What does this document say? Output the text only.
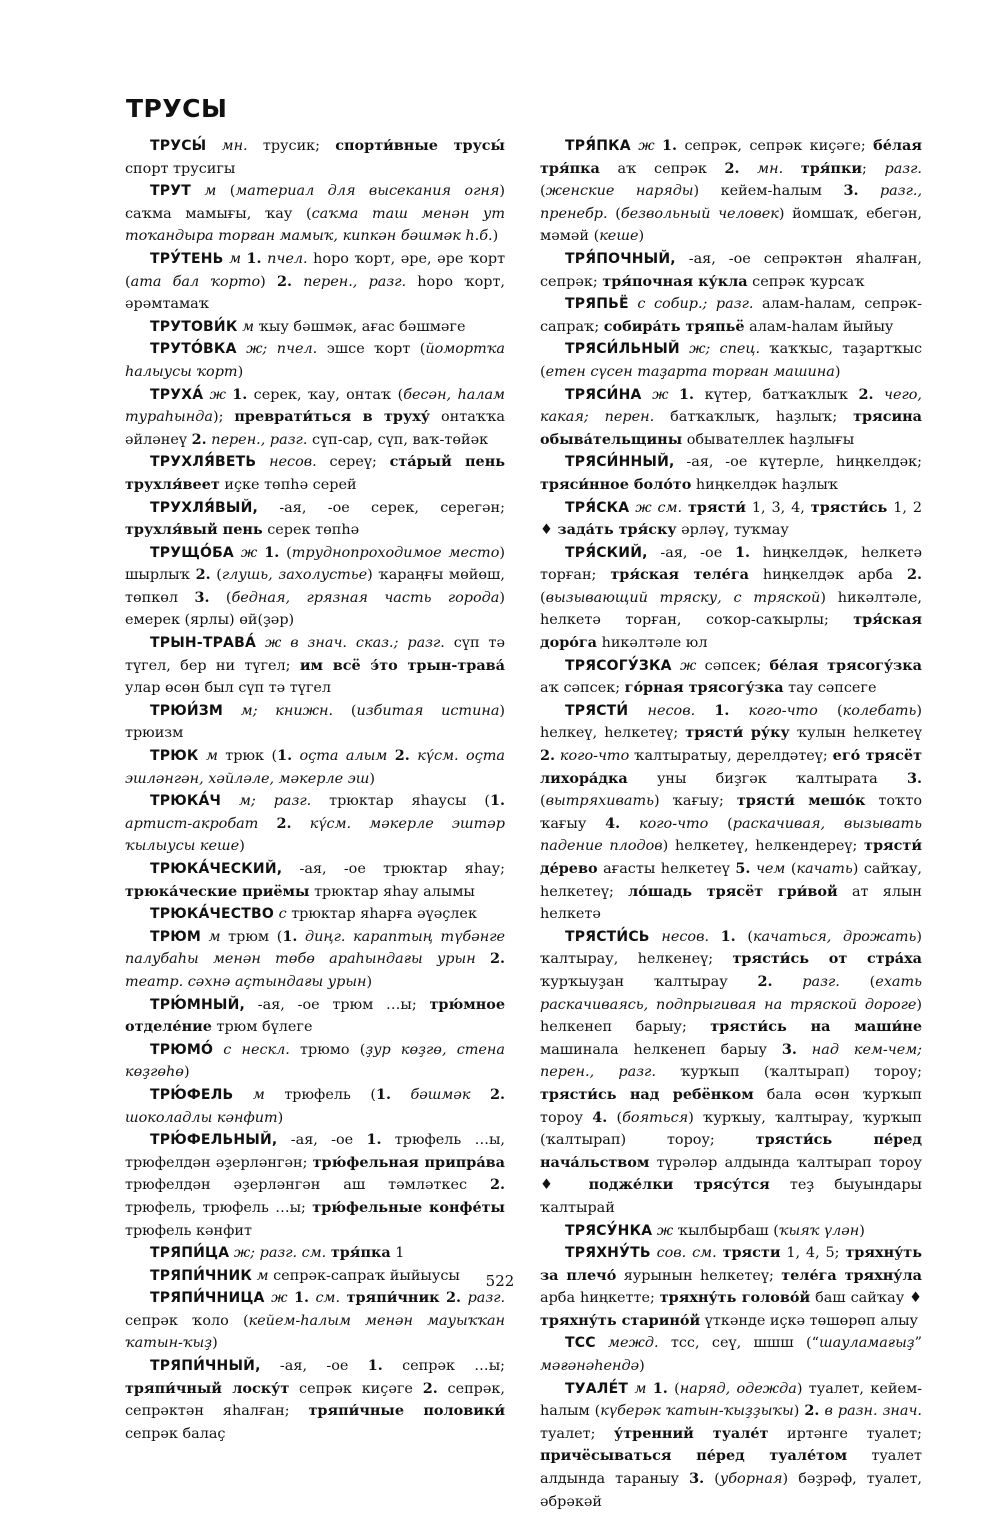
ТРУСЫ

ТРУСЫ́ мн. трусик; спорти́вные трусы́ спорт трусигы

ТРУТ м (материал для высекания огня) саҡма мамығы, ҡау (саҡма таш менән ут тоҡандыра торған мамыҡ, кипкән бәшмәк һ.б.)

ТРУ́ТЕНЬ м 1. пчел. һоро ҡорт, әре, әре ҡорт (ата бал ҡорто) 2. перен., разг. һоро ҡорт, әрәмтамаҡ

ТРУТОВИ́К м ҡыу бәшмәк, ағас бәшмәге

ТРУТО́ВКА ж; пчел. эшсе ҡорт (йомортҡа һалыусы ҡорт)

ТРУХА́ ж 1. серек, ҡау, онтаҡ (бесән, һалам тураһында); преврати́ться в труху́ онтаҡҡа әйләнеү 2. перен., разг. сүп-сар, сүп, ваҡ-төйәк

ТРУХЛЯ́ВЕТЬ несов. сереү; ста́рый пень трухля́веет иҫке төпһә серей

ТРУХЛЯ́ВЫЙ, -ая, -ое серек, серегән; трухля́вый пень серек төпһә

ТРУЩО́БА ж 1. (труднопроходимое место) шырлыҡ 2. (глушь, захолустье) ҡараңғы мөйөш, төпкөл 3. (бедная, грязная часть города) емерек (ярлы) өй(ҙәр)

ТРЫН-ТРАВА́ ж в знач. сказ.; разг. сүп тә түгел, бер ни түгел; им всё э́то трын-трава́ улар өсөн был сүп тә түгел

ТРЮИ́ЗМ м; книжн. (избитая истина) трюизм

ТРЮК м трюк (1. оҫта алым 2. кү́см. оҫта эшләнгән, хәйләле, мәкерле эш)

ТРЮКА́Ч м; разг. трюктар яһаусы (1. артист-акробат 2. кү́см. мәкерле эштәр ҡылыусы кеше)

ТРЮКА́ЧЕСКИЙ, -ая, -ое трюктар яһау; трюка́ческие приёмы трюктар яһау алымы

ТРЮКА́ЧЕСТВО с трюктар яһарға әүәҫлек

ТРЮМ м трюм (1. диңг. карaптың түбәнге палубаһы менән төбө араһындағы урын 2. театр. сәхнә аҫтындағы урын)

ТРЮ́МНЫЙ, -ая, -ое трюм …ы; трю́мное отделе́ние трюм бүлеге

ТРЮМО́ с нескл. трюмо (ҙур көҙгө, стена көҙгөһө)

ТРЮ́ФЕЛЬ м трюфель (1. бәшмәк 2. шоколадлы кәнфит)

ТРЮ́ФЕЛЬНЫЙ, -ая, -ое 1. трюфель …ы, трюфелдән әҙерләнгән; трю́фельная припра́ва трюфелдән әҙерләнгән аш тәмләткес 2. трюфель, трюфель …ы; трю́фельные конфе́ты трюфель кәнфит

ТРЯПИ́ЦА ж; разг. см. тря́пка 1

ТРЯПИ́ЧНИК м сепрәк-сапраҡ йыйыусы

ТРЯПИ́ЧНИЦА ж 1. см. тряпи́чник 2. разг. сепрәк ҡоло (кейем-һалым менән мауыҡҡан ҡатын-ҡыҙ)

ТРЯПИ́ЧНЫЙ, -ая, -ое 1. сепрәк …ы; тряпи́чный лоску́т сепрәк киҫәге 2. сепрәк, сепрәктән яһалған; тряпи́чные половики́ сепрәк балаҫ

ТРЯ́ПКА ж 1. сепрәк, сепрәк киҫәге; бе́лая тря́пка аҡ сепрәк 2. мн. тря́пки; разг. (женские наряды) кейем-һалым 3. разг., пренебр. (безвольный человек) йомшаҡ, ебегән, мәмәй (кеше)

ТРЯ́ПОЧНЫЙ, -ая, -ое сепрәктән яһалған, сепрәк; тря́почная ку́кла сепрәк ҡурсаҡ

ТРЯПЬЁ с собир.; разг. алам-һалам, сепрәк-сапраҡ; собира́ть тряпьё алам-һалам йыйыу

ТРЯСИ́ЛЬНЫЙ ж; спец. ҡаҡҡыс, таҙартҡыс (етен сүсен таҙарта торған машина)

ТРЯСИ́НА ж 1. күтер, батҡаҡлыҡ 2. чего, какая; перен. батҡаҡлыҡ, һаҙлыҡ; трясина обыва́тельщины обывателлек һаҙлығы

ТРЯСИ́ННЫЙ, -ая, -ое күтерле, һиңкелдәк; тряси́нное боло́то һиңкелдәк һаҙлыҡ

ТРЯ́СКА ж см. трясти́ 1, 3, 4, трясти́сь 1, 2 ♦ зада́ть тря́ску әрләү, туҡмау

ТРЯ́СКИЙ, -ая, -ое 1. һиңкелдәк, һелкетә торған; тря́ская теле́га һиңкелдәк арба 2. (вызывающий тряску, с тряской) һикәлтәле, һелкетә торған, соҡор-саҡырлы; тря́ская доро́га һикәлтәле юл

ТРЯСОГУ́ЗКА ж сәпсек; бе́лая трясогу́зка аҡ сәпсек; го́рная трясогу́зка тау сәпсеге

ТРЯСТИ́ несов. 1. кого-что (колебать) һелкеү, һелкетеү; трясти́ ру́ку ҡулын һелкетеү 2. кого-что ҡалтыратыу, дерелдәтеү; его́ трясёт лихора́дка уны биҙгәк ҡалтырата 3. (вытряхивать) ҡағыу; трясти́ мешо́к тоҡто ҡағыу 4. кого-что (раскачивая, вызывать падение плодов) һелкетеү, һелкендереү; трясти́ де́рево ағасты һелкетеү 5. чем (качать) сайҡау, һелкетеү; ло́шадь трясёт гри́вой ат ялын һелкетә

ТРЯСТИ́СЬ несов. 1. (качаться, дрожать) ҡалтырау, һелкенеү; трясти́сь от стра́ха ҡурҡыуҙан ҡалтырау 2. разг. (ехать раскачиваясь, подпрыгивая на тряской дороге) һелкенеп барыу; трясти́сь на маши́не машинала һелкенеп барыу 3. над кем-чем; перен., разг. ҡурҡып (ҡалтырап) тороу; трясти́сь над ребёнком бала өсөн ҡурҡып тороу 4. (бояться) ҡурҡыу, ҡалтырау, ҡурҡып (ҡалтырап) тороу; трясти́сь пе́ред нача́льством түрәләр алдында ҡалтырап тороу ♦ подже́лки трясу́тся теҙ быуындары ҡалтырай

ТРЯСУ́НКА ж ҡылбырбаш (ҡыяҡ үлән)

ТРЯХНУ́ТЬ сов. см. трясти 1, 4, 5; тряхну́ть за плечо́ яурынын һелкетеү; теле́га тряхну́ла арба һиңкетте; тряхну́ть голово́й баш сайҡау ♦ тряхну́ть старино́й үткәнде иҫкә төшөрөп алыу

ТСС межд. тсс, сеү, шшш (“шауламағыҙ” мәғәнәһендә)

ТУАЛЕ́Т м 1. (наряд, одежда) туалет, кейем-һалым (күберәк ҡатын-ҡыҙҙыҡы) 2. в разн. знач. туалет; у́тренний туале́т иртәнге туалет; причёсываться пе́ред туале́том туалет алдында тараныу 3. (уборная) бәҙрәф, туалет, әбрәкәй

522
